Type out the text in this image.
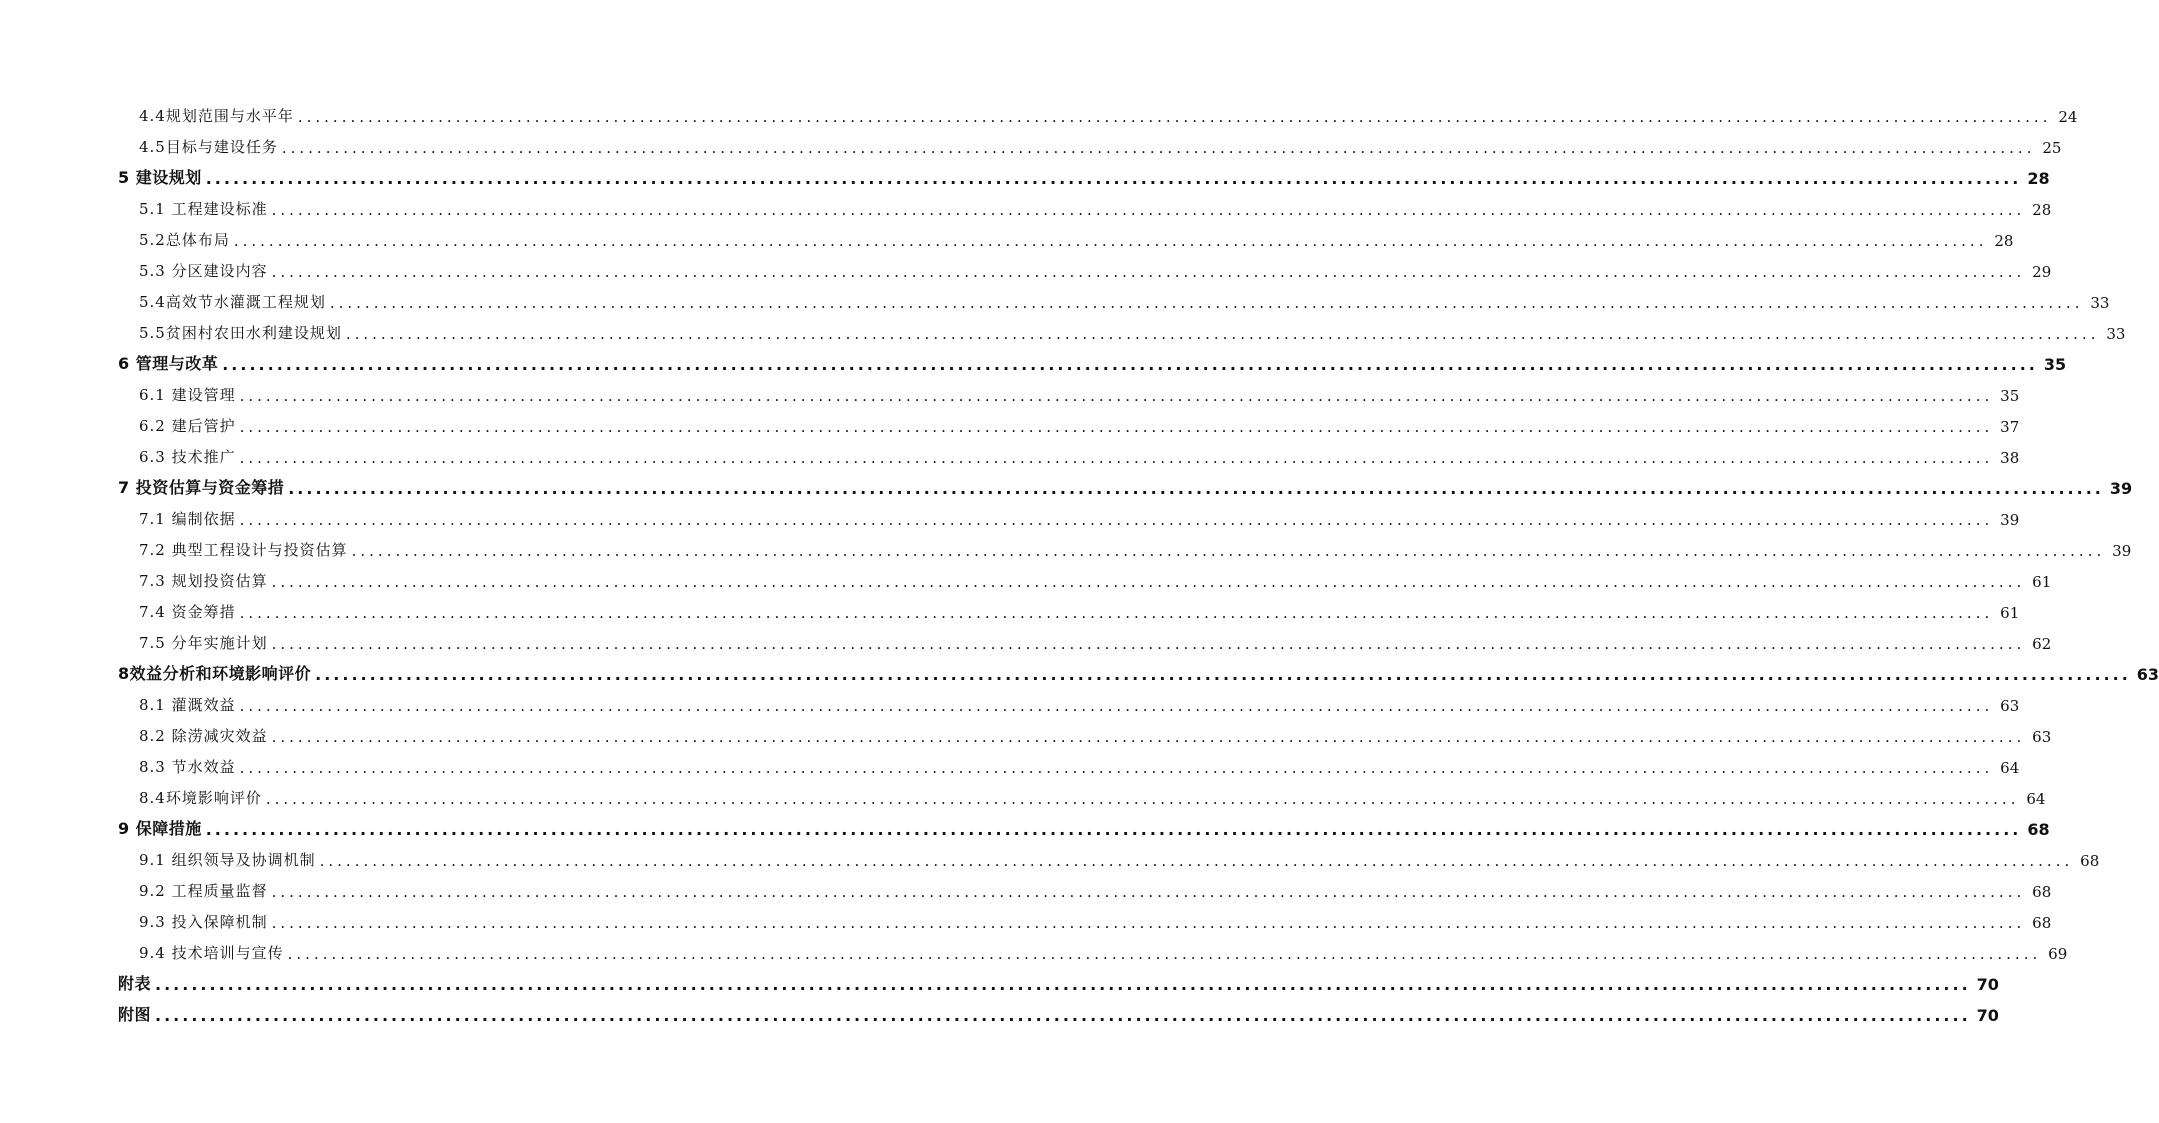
4.4规划范围与水平年 ........................................................................................................................................................................................................ 24
4.5目标与建设任务 ........................................................................................................................................................................................................ 25
5 建设规划 ........................................................................................................................................................................................................ 28
5.1 工程建设标准 ........................................................................................................................................................................................................ 28
5.2总体布局 ........................................................................................................................................................................................................ 28
5.3 分区建设内容 ........................................................................................................................................................................................................ 29
5.4高效节水灌溉工程规划 ........................................................................................................................................................................................................ 33
5.5贫困村农田水利建设规划 ........................................................................................................................................................................................................ 33
6 管理与改革 ........................................................................................................................................................................................................ 35
6.1 建设管理 ........................................................................................................................................................................................................ 35
6.2 建后管护 ........................................................................................................................................................................................................ 37
6.3 技术推广 ........................................................................................................................................................................................................ 38
7 投资估算与资金筹措 ........................................................................................................................................................................................................ 39
7.1 编制依据 ........................................................................................................................................................................................................ 39
7.2 典型工程设计与投资估算 ........................................................................................................................................................................................................ 39
7.3 规划投资估算 ........................................................................................................................................................................................................ 61
7.4 资金筹措 ........................................................................................................................................................................................................ 61
7.5 分年实施计划 ........................................................................................................................................................................................................ 62
8效益分析和环境影响评价 ........................................................................................................................................................................................................ 63
8.1 灌溉效益 ........................................................................................................................................................................................................ 63
8.2 除涝减灾效益 ........................................................................................................................................................................................................ 63
8.3 节水效益 ........................................................................................................................................................................................................ 64
8.4环境影响评价 ........................................................................................................................................................................................................ 64
9 保障措施 ........................................................................................................................................................................................................ 68
9.1 组织领导及协调机制 ........................................................................................................................................................................................................ 68
9.2 工程质量监督 ........................................................................................................................................................................................................ 68
9.3 投入保障机制 ........................................................................................................................................................................................................ 68
9.4 技术培训与宣传 ........................................................................................................................................................................................................ 69
附表 ........................................................................................................................................................................................................ 70
附图 ........................................................................................................................................................................................................ 70
